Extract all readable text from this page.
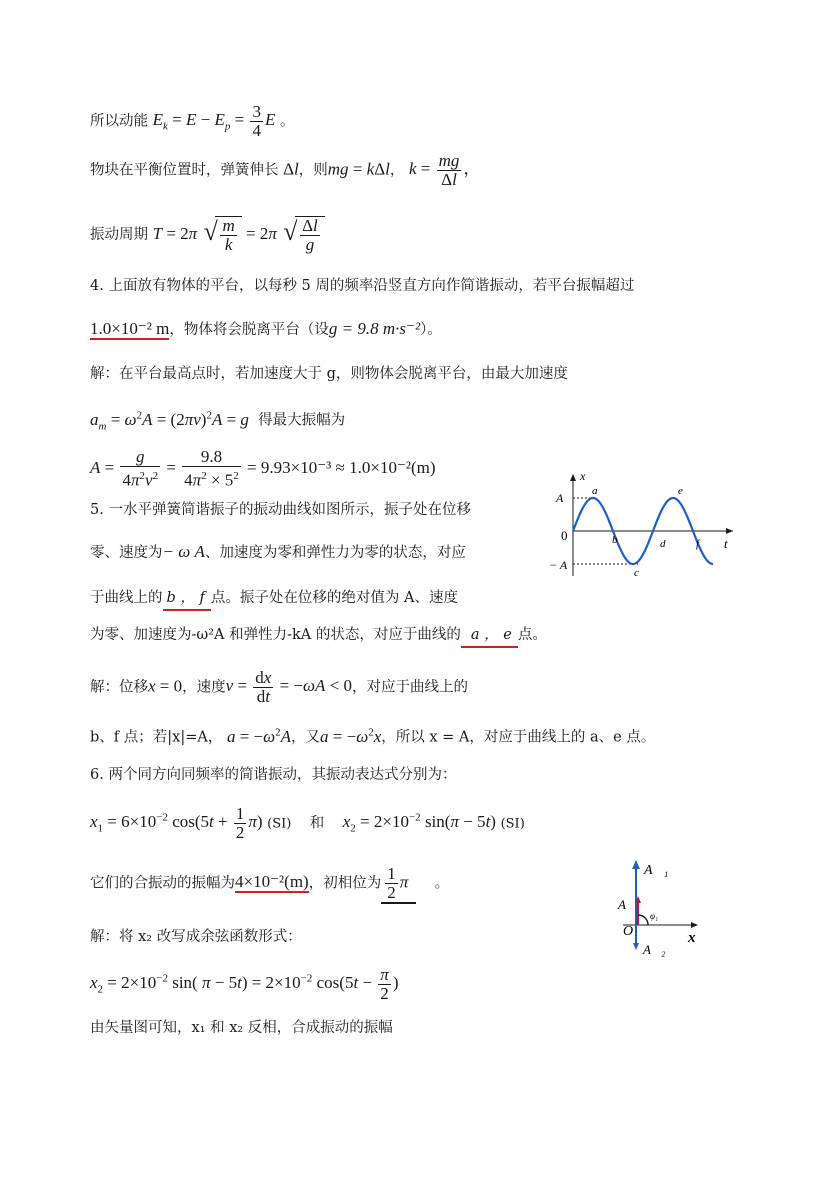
所以动能 $E_k = E - E_p = \frac{3}{4}$ E 。
物块在平衡位置时，弹簧伸长 Δl，则mg = kΔl， $k = \frac{mg}{\Delta l}$ ，
振动周期 T = 2π √ $\frac{m}{k} = 2\pi$ √ $\frac{\Delta l}{g}$
4. 上面放有物体的平台，以每秒 5 周的频率沿竖直方向作简谐振动，若平台振幅超过
1.0×10⁻² m，物体将会脱离平台（设g = 9.8 m·s⁻²）。
解：在平台最高点时，若加速度大于 g，则物体会脱离平台，由最大加速度
$a_m = \omega^2A = (2\pi\nu)^2A = g$ 得最大振幅为
$A = \frac{g}{4\pi^2\nu^2} = \frac{9.8}{4\pi^2 \times 5^2} = 9.93\times 10^{-3} \approx 1.0\times 10^{-2}(m)$
5. 一水平弹簧简谐振子的振动曲线如图所示，振子处在位移
零、速度为− ω A、加速度为零和弹性力为零的状态，对应
于曲线上的 b ， f 点。振子处在位移的绝对值为 A、速度
为零、加速度为-ω²A 和弹性力-kA 的状态，对应于曲线的 a ， e 点。
解：位移x = 0，速度$v = \frac{dx}{dt} = -\omega A < 0$，对应于曲线上的
b、f 点；若|x|=A， $a = -\omega^2A$，又$a = -\omega^2x$，所以 x = A，对应于曲线上的 a、e 点。
x
t
A
− A
0
a
b
c
d
e
f
6. 两个同方向同频率的简谐振动，其振动表达式分别为：
$x_1 = 6\times 10^{-2}$ $\cos(5t + \frac{1}{2} \pi)$ (SI) 和 $x_2 = 2\times 10^{-2}$ sin(π − 5t) (SI)
它们的合振动的振幅为4×10⁻²(m)，初相位为 $\frac{1}{2}$ π 。
解：将 x₂ 改写成余弦函数形式：
$x_2 = 2\times 10^{-2}$ sin( $\pi - 5t) = 2\times 10^{-2}$ $\cos(5t - \frac{\pi}{2}$ )
由矢量图可知，x₁ 和 x₂ 反相，合成振动的振幅
A⃗₁
A⃗
A⃗₂
O	x
φ₁
